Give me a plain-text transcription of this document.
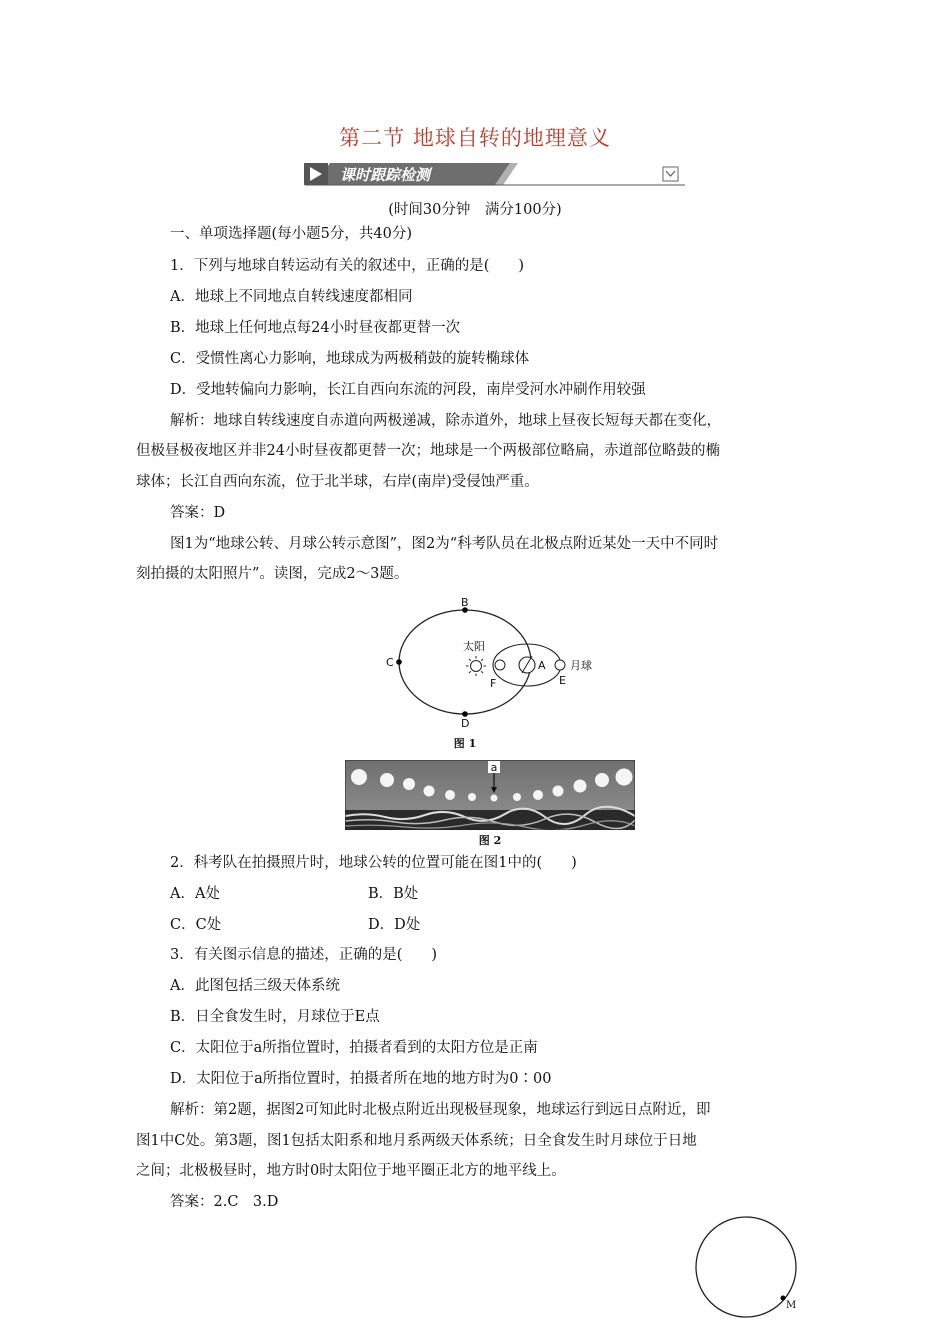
第二节 地球自转的地理意义
课时跟踪检测
(时间30分钟　满分100分)
一、单项选择题(每小题5分，共40分)
1．下列与地球自转运动有关的叙述中，正确的是(　　)
A．地球上不同地点自转线速度都相同
B．地球上任何地点每24小时昼夜都更替一次
C．受惯性离心力影响，地球成为两极稍鼓的旋转椭球体
D．受地转偏向力影响，长江自西向东流的河段，南岸受河水冲刷作用较强
解析：地球自转线速度自赤道向两极递减，除赤道外，地球上昼夜长短每天都在变化，
但极昼极夜地区并非24小时昼夜都更替一次；地球是一个两极部位略扁，赤道部位略鼓的椭
球体；长江自西向东流，位于北半球，右岸(南岸)受侵蚀严重。
答案：D
图1为“地球公转、月球公转示意图”，图2为“科考队员在北极点附近某处一天中不同时
刻拍摄的太阳照片”。读图，完成2～3题。
B
C
D
A
E
F
太阳
月球
图 1
a
图 2
2．科考队在拍摄照片时，地球公转的位置可能在图1中的(　　)
A．A处	B．B处
C．C处	D．D处
3．有关图示信息的描述，正确的是(　　)
A．此图包括三级天体系统
B．日全食发生时，月球位于E点
C．太阳位于a所指位置时，拍摄者看到的太阳方位是正南
D．太阳位于a所指位置时，拍摄者所在地的地方时为0∶00
解析：第2题，据图2可知此时北极点附近出现极昼现象，地球运行到远日点附近，即
图1中C处。第3题，图1包括太阳系和地月系两级天体系统；日全食发生时月球位于日地
之间；北极极昼时，地方时0时太阳位于地平圈正北方的地平线上。
答案：2.C　3.D
M
